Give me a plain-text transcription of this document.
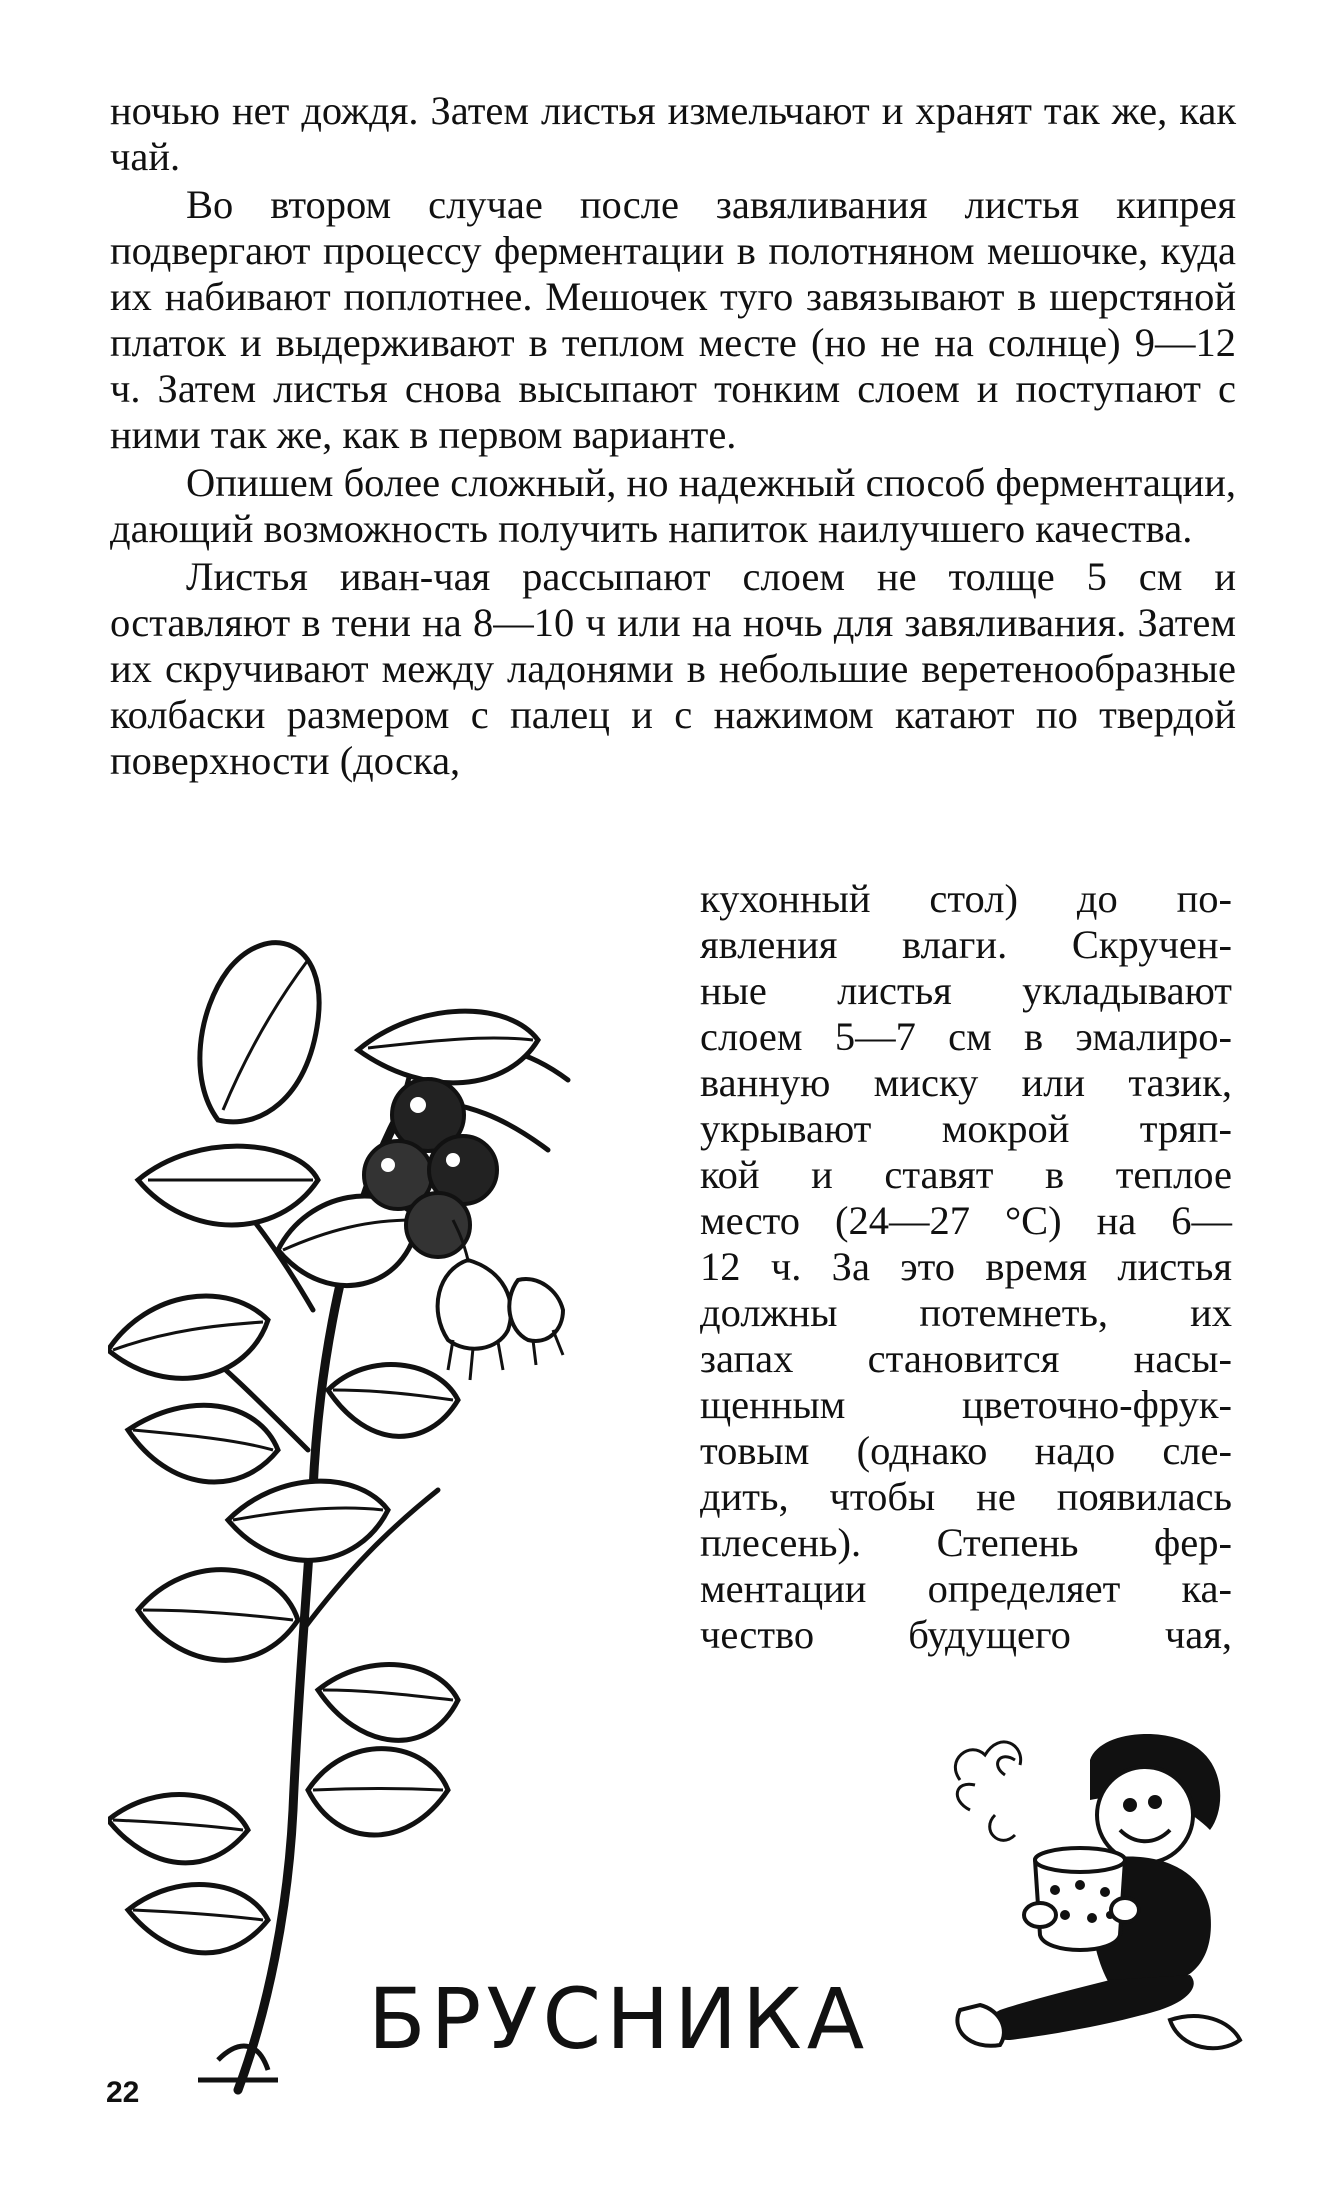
ночью нет дождя. Затем листья измельчают и хранят так же, как чай.

Во втором случае после завяливания листья кипрея подвергают процессу ферментации в полотняном мешочке, куда их набивают поплотнее. Мешочек туго завязывают в шерстяной платок и выдерживают в теплом месте (но не на солнце) 9—12 ч. Затем листья снова высыпают тонким слоем и поступают с ними так же, как в первом варианте.

Опишем более сложный, но надежный способ ферментации, дающий возможность получить напиток наилучшего качества.

Листья иван-чая рассыпают слоем не толще 5 см и оставляют в тени на 8—10 ч или на ночь для завяливания. Затем их скручивают между ладонями в небольшие веретенообразные колбаски размером с палец и с нажимом катают по твердой поверхности (доска,

кухонный стол) до по-
явления влаги. Скручен-
ные листья укладывают
слоем 5—7 см в эмалиро-
ванную миску или тазик,
укрывают мокрой тряп-
кой и ставят в теплое
место (24—27 °С) на 6—
12 ч. За это время листья
должны потемнеть, их
запах становится насы-
щенным цветочно-фрук-
товым (однако надо сле-
дить, чтобы не появилась
плесень). Степень фер-
ментации определяет ка-
чество будущего чая,
БРУСНИКА
22
